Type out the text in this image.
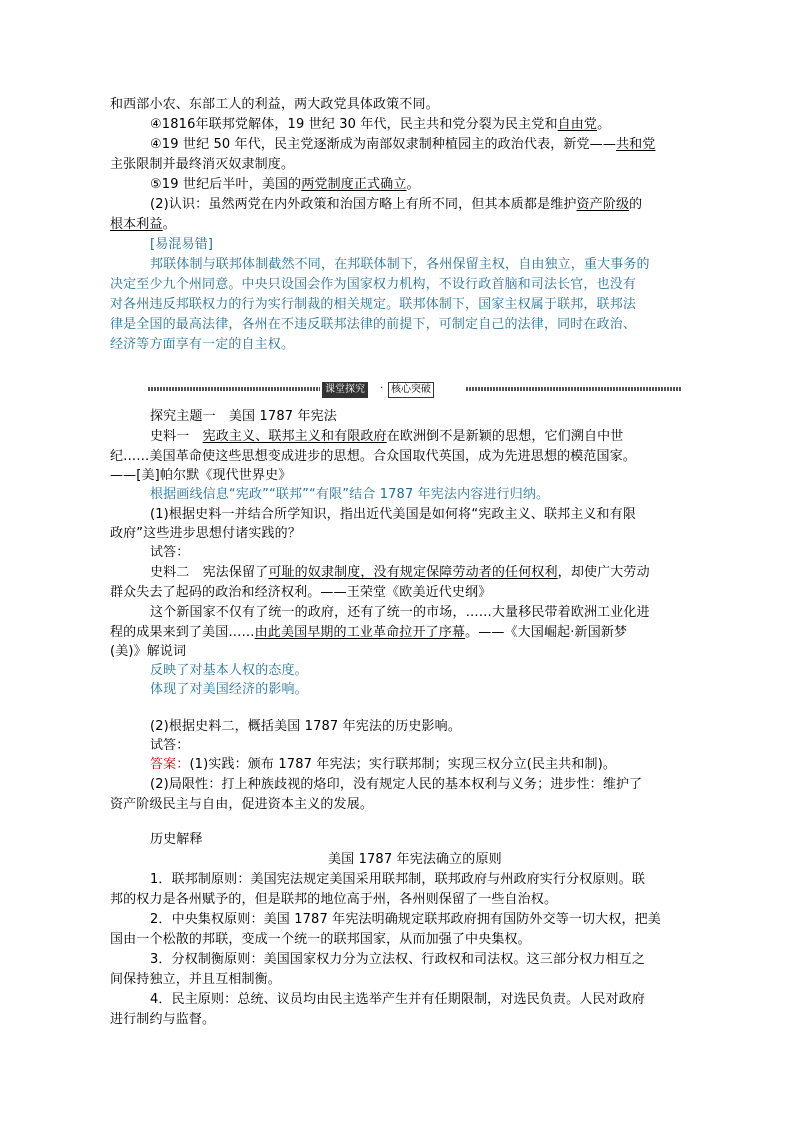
和西部小农、东部工人的利益，两大政党具体政策不同。
④1816年联邦党解体，19 世纪 30 年代，民主共和党分裂为民主党和自由党。
④19 世纪 50 年代，民主党逐渐成为南部奴隶制种植园主的政治代表，新党——共和党
主张限制并最终消灭奴隶制度。
⑤19 世纪后半叶，美国的两党制度正式确立。
(2)认识：虽然两党在内外政策和治国方略上有所不同，但其本质都是维护资产阶级的
根本利益。
[易混易错]
邦联体制与联邦体制截然不同，在邦联体制下，各州保留主权，自由独立，重大事务的
决定至少九个州同意。中央只设国会作为国家权力机构，不设行政首脑和司法长官，也没有
对各州违反邦联权力的行为实行制裁的相关规定。联邦体制下，国家主权属于联邦，联邦法
律是全国的最高法律，各州在不违反联邦法律的前提下，可制定自己的法律，同时在政治、
经济等方面享有一定的自主权。
课堂探究	· 核心突破
探究主题一　美国 1787 年宪法
史料一　宪政主义、联邦主义和有限政府在欧洲倒不是新颖的思想，它们溯自中世
纪……美国革命使这些思想变成进步的思想。合众国取代英国，成为先进思想的模范国家。
——[美]帕尔默《现代世界史》
根据画线信息“宪政”“联邦”“有限”结合 1787 年宪法内容进行归纳。
(1)根据史料一并结合所学知识，指出近代美国是如何将“宪政主义、联邦主义和有限
政府”这些进步思想付诸实践的？
试答：
史料二　宪法保留了可耻的奴隶制度，没有规定保障劳动者的任何权利，却使广大劳动
群众失去了起码的政治和经济权利。——王荣堂《欧美近代史纲》
这个新国家不仅有了统一的政府，还有了统一的市场，……大量移民带着欧洲工业化进
程的成果来到了美国……由此美国早期的工业革命拉开了序幕。——《大国崛起·新国新梦
(美)》解说词
反映了对基本人权的态度。
体现了对美国经济的影响。
(2)根据史料二，概括美国 1787 年宪法的历史影响。
试答：
答案：(1)实践：颁布 1787 年宪法；实行联邦制；实现三权分立(民主共和制)。
(2)局限性：打上种族歧视的烙印，没有规定人民的基本权利与义务；进步性：维护了
资产阶级民主与自由，促进资本主义的发展。
历史解释
美国 1787 年宪法确立的原则
1．联邦制原则：美国宪法规定美国采用联邦制，联邦政府与州政府实行分权原则。联
邦的权力是各州赋予的，但是联邦的地位高于州，各州则保留了一些自治权。
2．中央集权原则：美国 1787 年宪法明确规定联邦政府拥有国防外交等一切大权，把美
国由一个松散的邦联，变成一个统一的联邦国家，从而加强了中央集权。
3．分权制衡原则：美国国家权力分为立法权、行政权和司法权。这三部分权力相互之
间保持独立，并且互相制衡。
4．民主原则：总统、议员均由民主选举产生并有任期限制，对选民负责。人民对政府
进行制约与监督。
